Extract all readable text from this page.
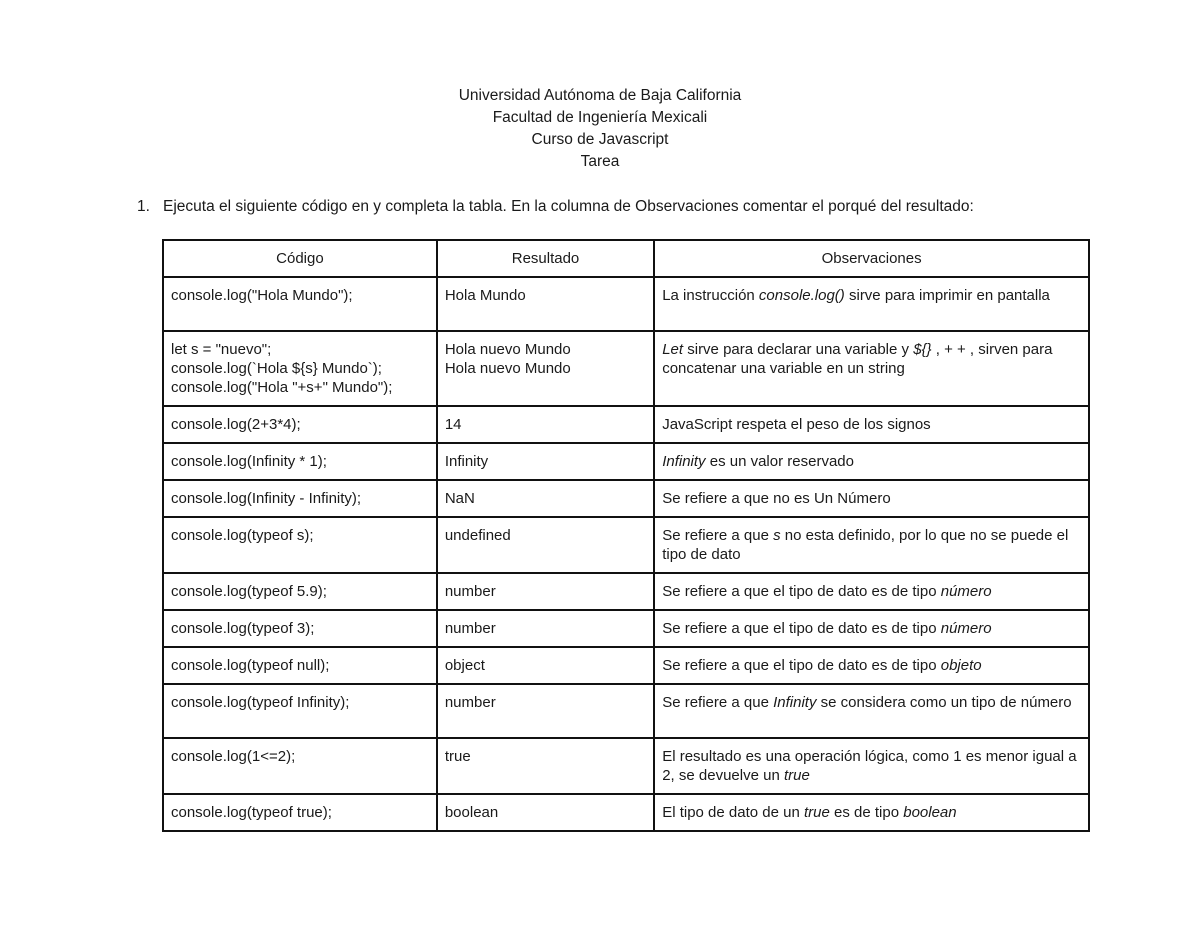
Universidad Autónoma de Baja California
Facultad de Ingeniería Mexicali
Curso de Javascript
Tarea
1. Ejecuta el siguiente código en y completa la tabla. En la columna de Observaciones comentar el porqué del resultado:
Código	Resultado	Observaciones

console.log("Hola Mundo");	Hola Mundo	La instrucción console.log() sirve para imprimir en pantalla

let s = "nuevo";
console.log(`Hola ${s} Mundo`);
console.log("Hola "+s+" Mundo");	Hola nuevo Mundo
Hola nuevo Mundo	Let sirve para declarar una variable y ${} , + + , sirven para concatenar una variable en un string

console.log(2+3*4);	14	JavaScript respeta el peso de los signos

console.log(Infinity * 1);	Infinity	Infinity es un valor reservado

console.log(Infinity - Infinity);	NaN	Se refiere a que no es Un Número

console.log(typeof s);	undefined	Se refiere a que s no esta definido, por lo que no se puede el tipo de dato

console.log(typeof 5.9);	number	Se refiere a que el tipo de dato es de tipo número

console.log(typeof 3);	number	Se refiere a que el tipo de dato es de tipo número

console.log(typeof null);	object	Se refiere a que el tipo de dato es de tipo objeto

console.log(typeof Infinity);	number	Se refiere a que Infinity se considera como un tipo de número

console.log(1<=2);	true	El resultado es una operación lógica, como 1 es menor igual a 2, se devuelve un true

console.log(typeof true);	boolean	El tipo de dato de un true es de tipo boolean
